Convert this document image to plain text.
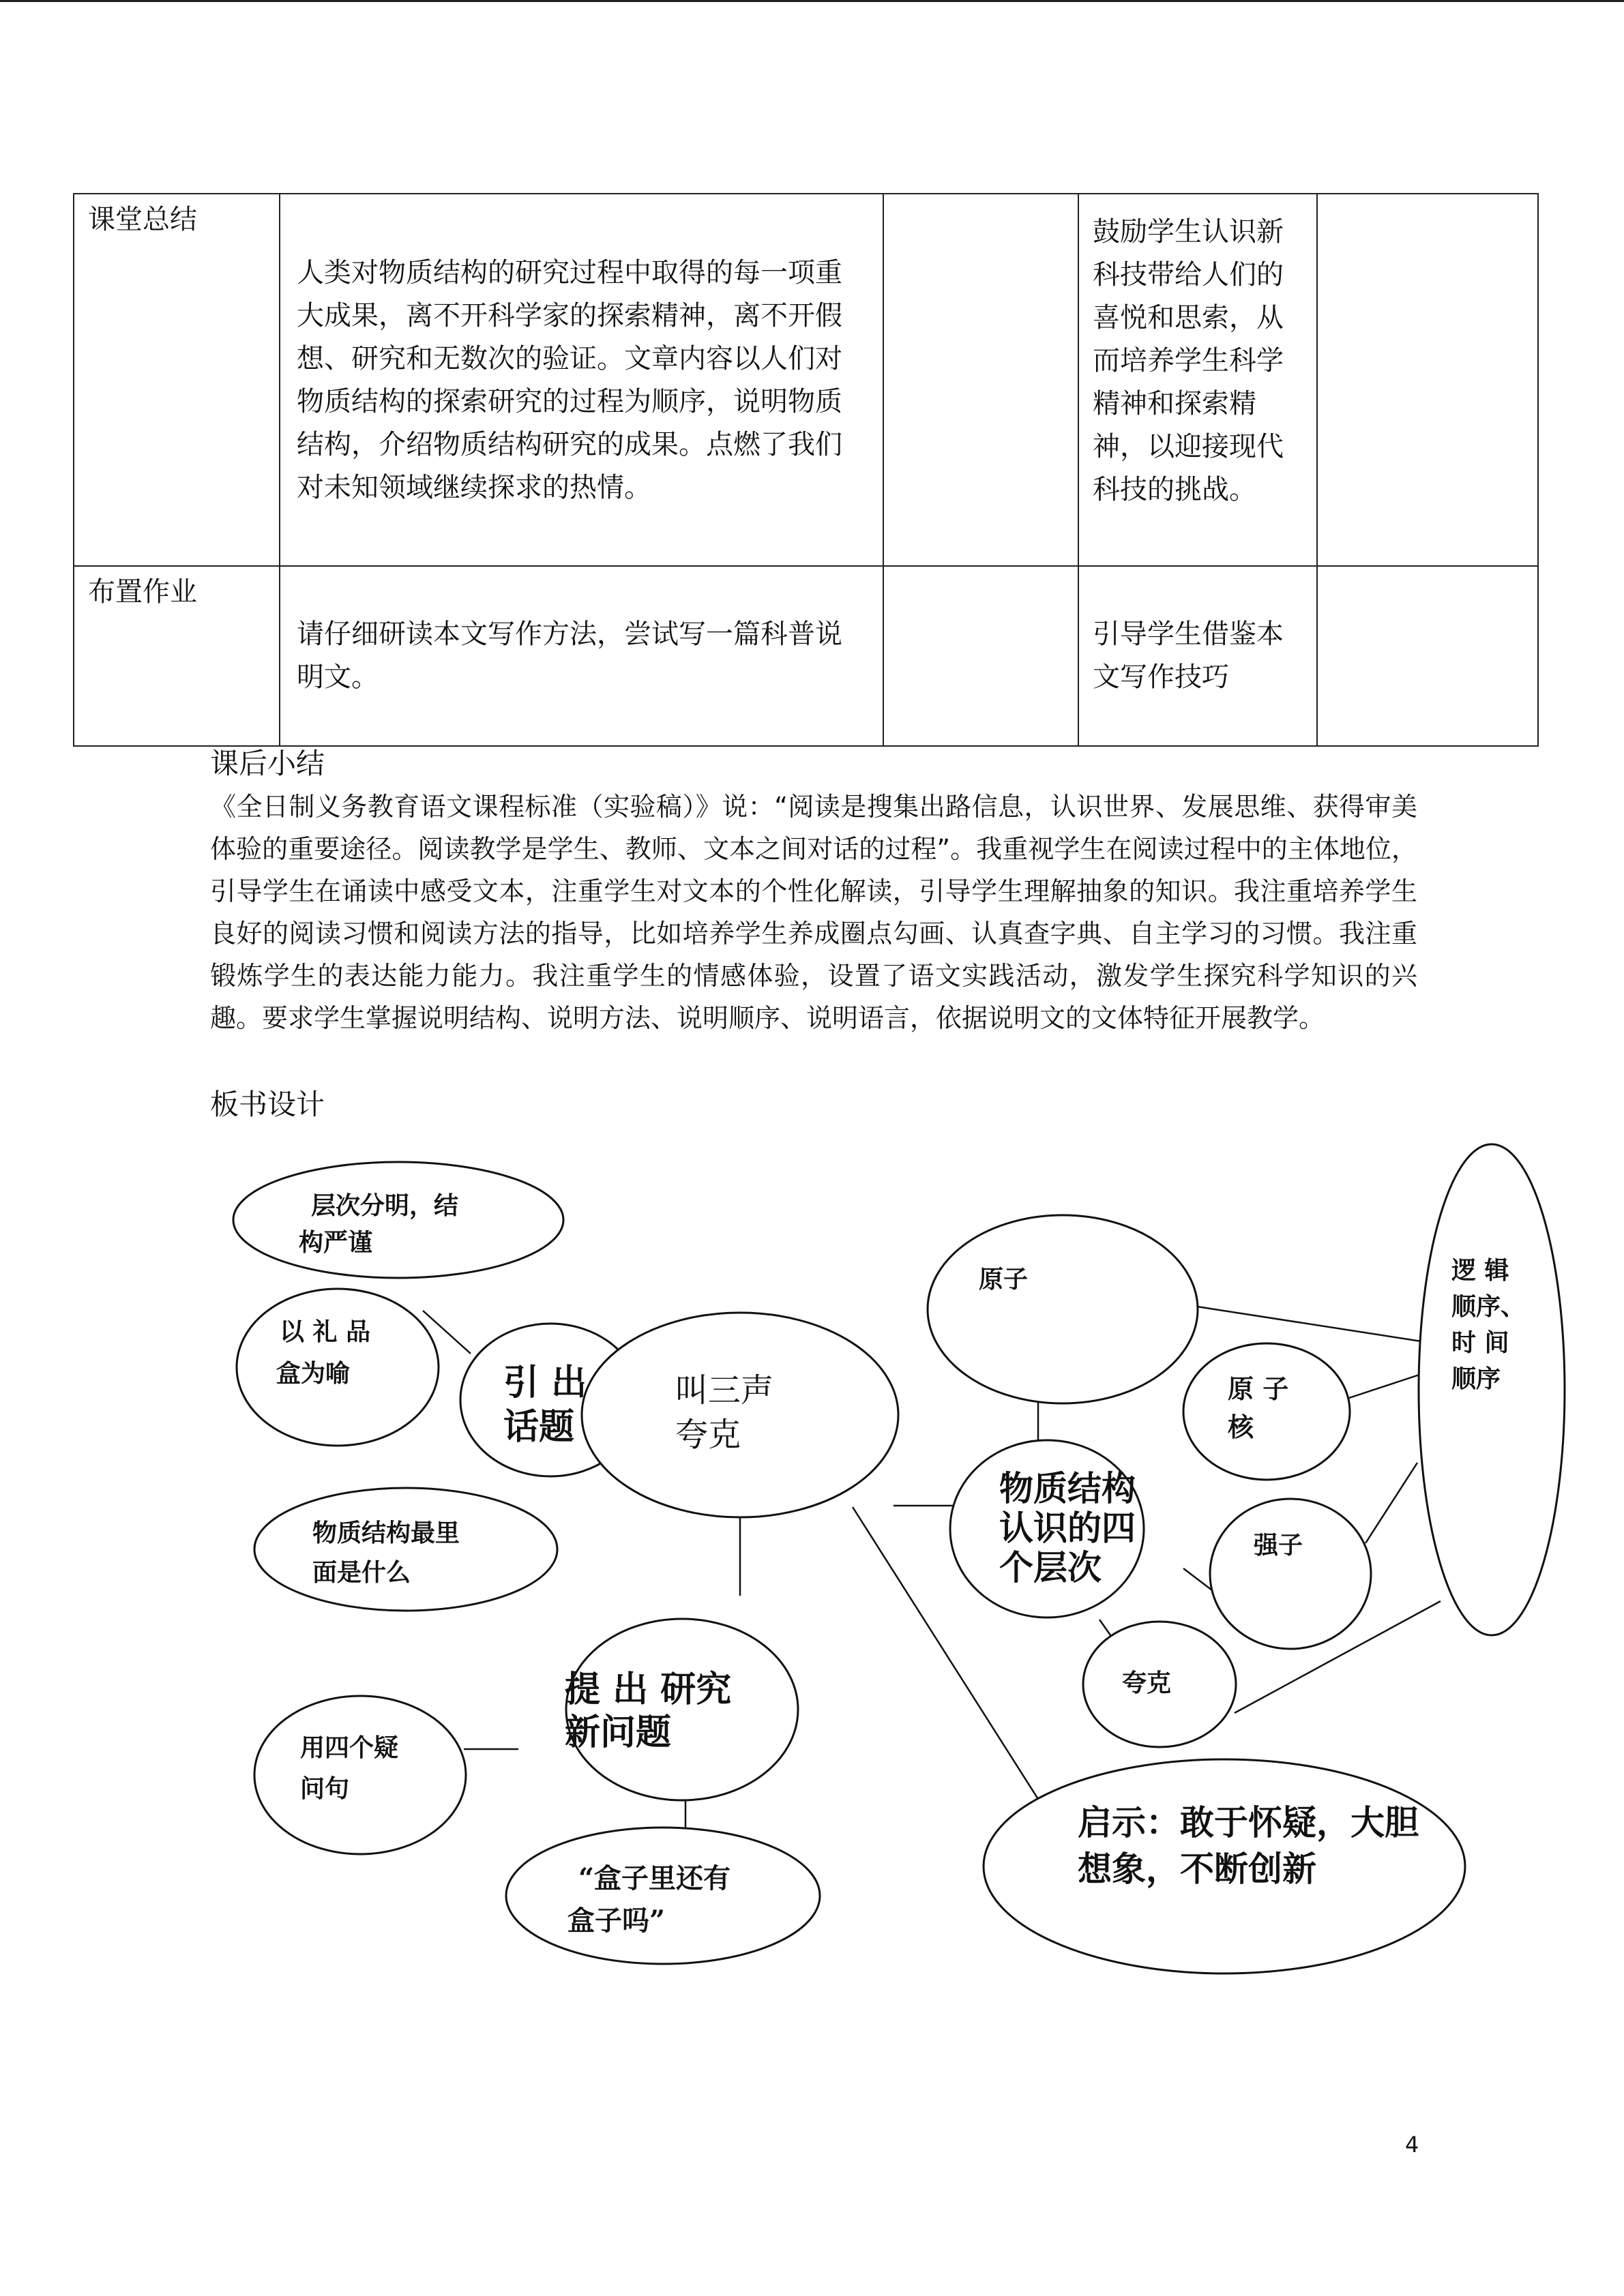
课堂总结	人类对物质结构的研究过程中取得的每一项重大成果，离不开科学家的探索精神，离不开假想、研究和无数次的验证。文章内容以人们对物质结构的探索研究的过程为顺序，说明物质结构，介绍物质结构研究的成果。点燃了我们对未知领域继续探求的热情。		鼓励学生认识新科技带给人们的喜悦和思索，从而培养学生科学精神和探索精神，以迎接现代科技的挑战。	

布置作业	请仔细研读本文写作方法，尝试写一篇科普说明文。		引导学生借鉴本文写作技巧	

课后小结
《全日制义务教育语文课程标准（实验稿）》说：“阅读是搜集出路信息，认识世界、发展思维、获得审美体验的重要途径。阅读教学是学生、教师、文本之间对话的过程”。我重视学生在阅读过程中的主体地位，引导学生在诵读中感受文本，注重学生对文本的个性化解读，引导学生理解抽象的知识。我注重培养学生良好的阅读习惯和阅读方法的指导，比如培养学生养成圈点勾画、认真查字典、自主学习的习惯。我注重锻炼学生的表达能力能力。我注重学生的情感体验，设置了语文实践活动，激发学生探究科学知识的兴趣。要求学生掌握说明结构、说明方法、说明顺序、说明语言，依据说明文的文体特征开展教学。
板书设计
层次分明，结构严谨
以 礼 品盒为喻	引 出话题
叫三声夸克
物质结构最里面是什么
提 出 研究新问题
用四个疑问句
“盒子里还有盒子吗”
物质结构认识的四个层次
原子
原 子核
强子
夸克
逻 辑顺序、时 间顺序
启示：敢于怀疑，大胆想象，不断创新
4
